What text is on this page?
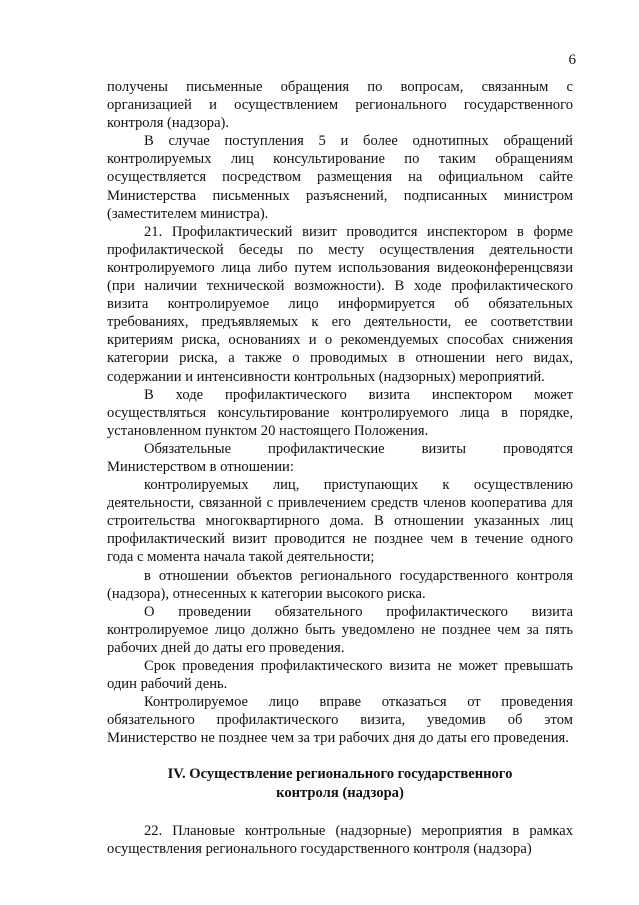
6

получены письменные обращения по вопросам, связанным с организацией и осуществлением регионального государственного контроля (надзора).

В случае поступления 5 и более однотипных обращений контролируемых лиц консультирование по таким обращениям осуществляется посредством размещения на официальном сайте Министерства письменных разъяснений, подписанных министром (заместителем министра).

21. Профилактический визит проводится инспектором в форме профилактической беседы по месту осуществления деятельности контролируемого лица либо путем использования видеоконференцсвязи (при наличии технической возможности). В ходе профилактического визита контролируемое лицо информируется об обязательных требованиях, предъявляемых к его деятельности, ее соответствии критериям риска, основаниях и о рекомендуемых способах снижения категории риска, а также о проводимых в отношении него видах, содержании и интенсивности контрольных (надзорных) мероприятий.

В ходе профилактического визита инспектором может осуществляться консультирование контролируемого лица в порядке, установленном пунктом 20 настоящего Положения.

Обязательные профилактические визиты проводятся Министерством в отношении:

контролируемых лиц, приступающих к осуществлению деятельности, связанной с привлечением средств членов кооператива для строительства многоквартирного дома. В отношении указанных лиц профилактический визит проводится не позднее чем в течение одного года с момента начала такой деятельности;

в отношении объектов регионального государственного контроля (надзора), отнесенных к категории высокого риска.

О проведении обязательного профилактического визита контролируемое лицо должно быть уведомлено не позднее чем за пять рабочих дней до даты его проведения.

Срок проведения профилактического визита не может превышать один рабочий день.

Контролируемое лицо вправе отказаться от проведения обязательного профилактического визита, уведомив об этом Министерство не позднее чем за три рабочих дня до даты его проведения.

IV. Осуществление регионального государственного
контроля (надзора)

22. Плановые контрольные (надзорные) мероприятия в рамках осуществления регионального государственного контроля (надзора)
